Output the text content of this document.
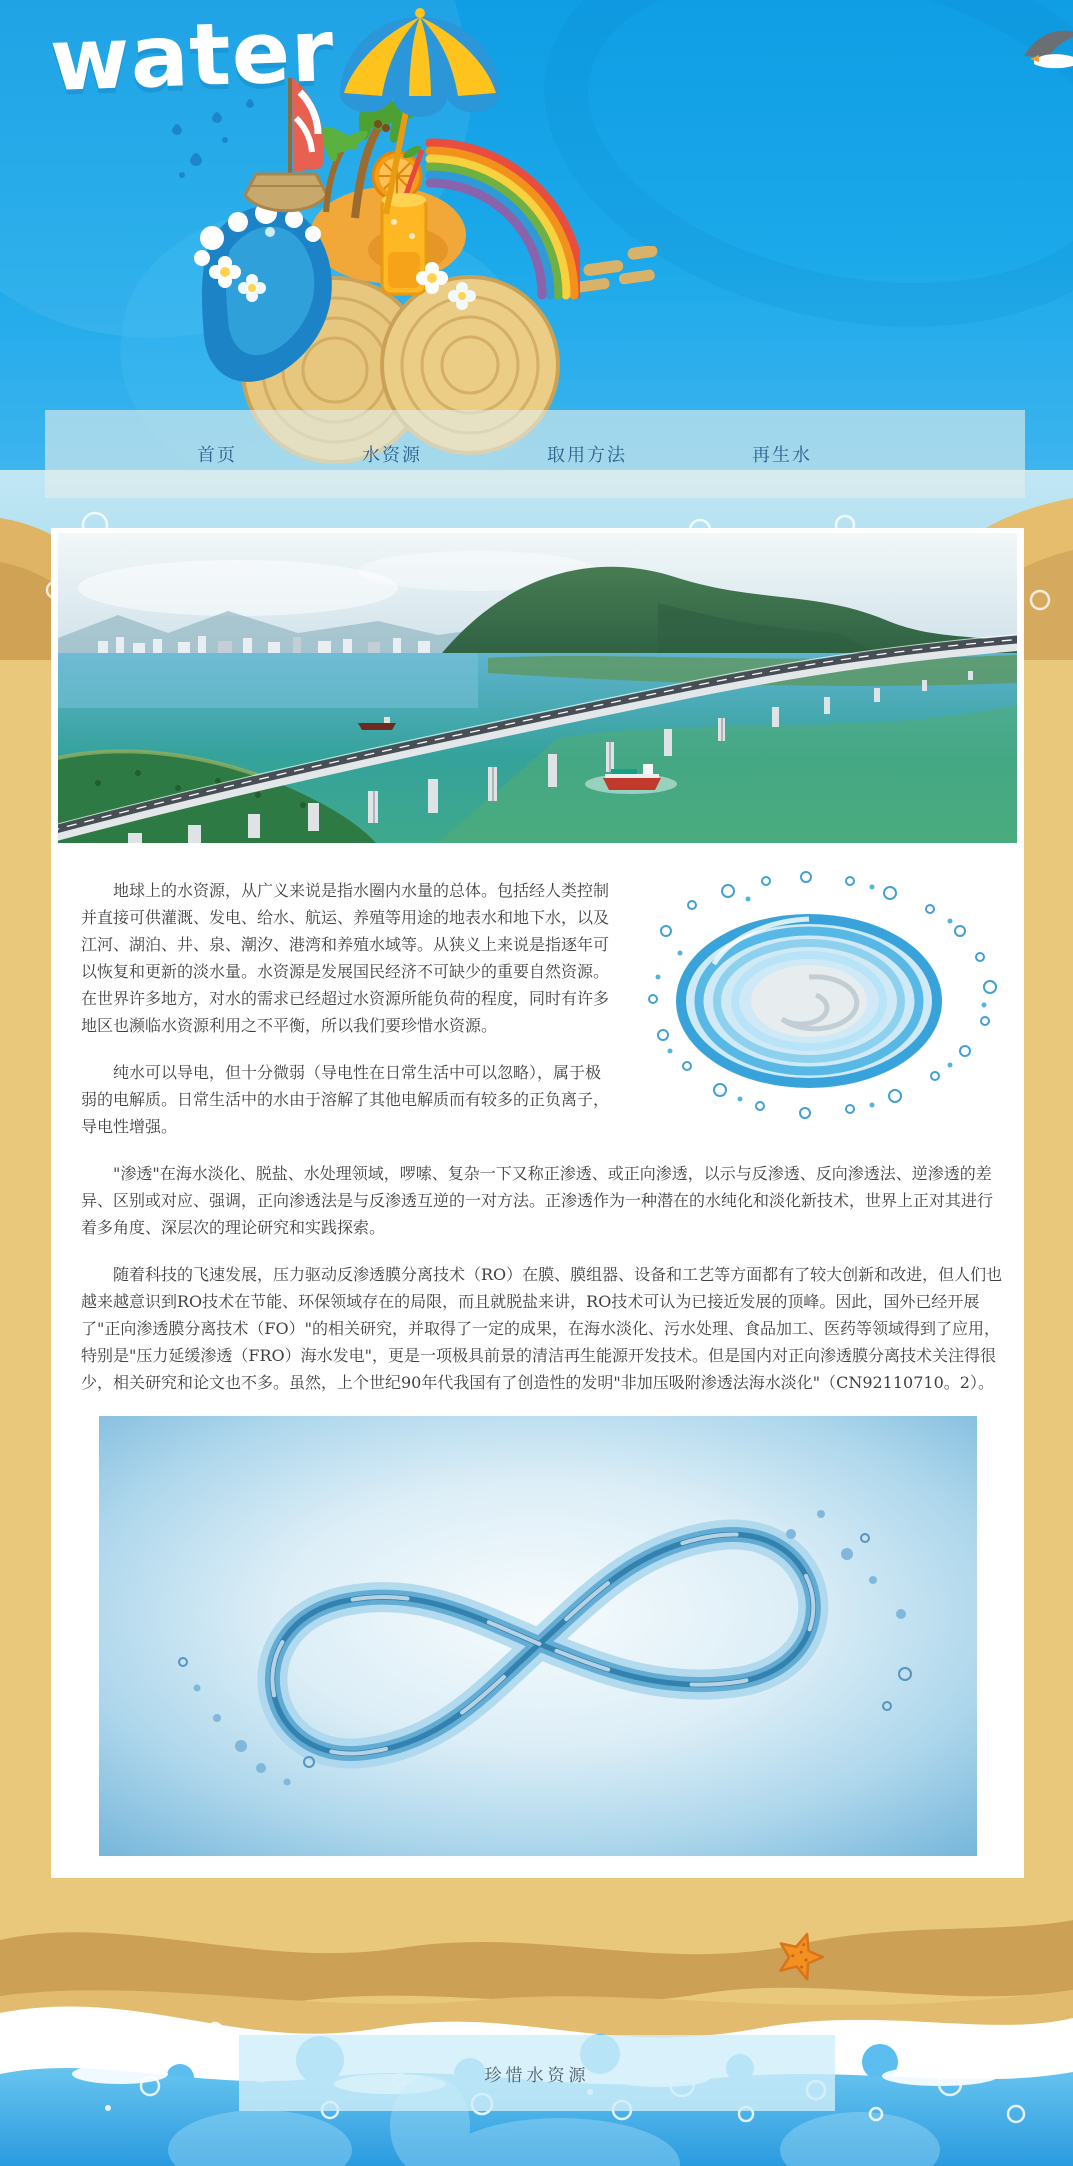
water
首页	水资源	取用方法	再生水

地球上的水资源，从广义来说是指水圈内水量的总体。包括经人类控制并直接可供灌溉、发电、给水、航运、养殖等用途的地表水和地下水，以及江河、湖泊、井、泉、潮汐、港湾和养殖水域等。从狭义上来说是指逐年可以恢复和更新的淡水量。水资源是发展国民经济不可缺少的重要自然资源。在世界许多地方，对水的需求已经超过水资源所能负荷的程度，同时有许多地区也濒临水资源利用之不平衡，所以我们要珍惜水资源。

纯水可以导电，但十分微弱（导电性在日常生活中可以忽略），属于极弱的电解质。日常生活中的水由于溶解了其他电解质而有较多的正负离子，导电性增强。

"渗透"在海水淡化、脱盐、水处理领域，啰嗦、复杂一下又称正渗透、或正向渗透，以示与反渗透、反向渗透法、逆渗透的差异、区别或对应、强调，正向渗透法是与反渗透互逆的一对方法。正渗透作为一种潜在的水纯化和淡化新技术，世界上正对其进行着多角度、深层次的理论研究和实践探索。

随着科技的飞速发展，压力驱动反渗透膜分离技术（RO）在膜、膜组器、设备和工艺等方面都有了较大创新和改进，但人们也越来越意识到RO技术在节能、环保领域存在的局限，而且就脱盐来讲，RO技术可认为已接近发展的顶峰。因此，国外已经开展了"正向渗透膜分离技术（FO）"的相关研究，并取得了一定的成果，在海水淡化、污水处理、食品加工、医药等领域得到了应用，特别是"压力延缓渗透（FRO）海水发电"，更是一项极具前景的清洁再生能源开发技术。但是国内对正向渗透膜分离技术关注得很少，相关研究和论文也不多。虽然，上个世纪90年代我国有了创造性的发明"非加压吸附渗透法海水淡化"（CN92110710。2）。

珍惜水资源
